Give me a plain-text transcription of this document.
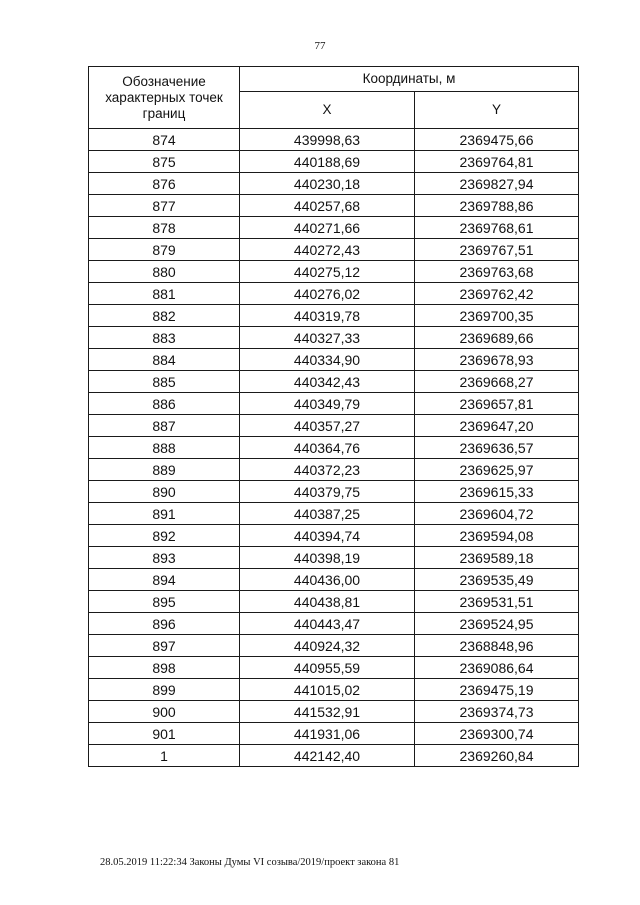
77
Обозначение характерных точек границ	Координаты, м	
	X	Y
874	439998,63	2369475,66
875	440188,69	2369764,81
876	440230,18	2369827,94
877	440257,68	2369788,86
878	440271,66	2369768,61
879	440272,43	2369767,51
880	440275,12	2369763,68
881	440276,02	2369762,42
882	440319,78	2369700,35
883	440327,33	2369689,66
884	440334,90	2369678,93
885	440342,43	2369668,27
886	440349,79	2369657,81
887	440357,27	2369647,20
888	440364,76	2369636,57
889	440372,23	2369625,97
890	440379,75	2369615,33
891	440387,25	2369604,72
892	440394,74	2369594,08
893	440398,19	2369589,18
894	440436,00	2369535,49
895	440438,81	2369531,51
896	440443,47	2369524,95
897	440924,32	2368848,96
898	440955,59	2369086,64
899	441015,02	2369475,19
900	441532,91	2369374,73
901	441931,06	2369300,74
1	442142,40	2369260,84
28.05.2019 11:22:34 Законы Думы VI созыва/2019/проект закона 81
